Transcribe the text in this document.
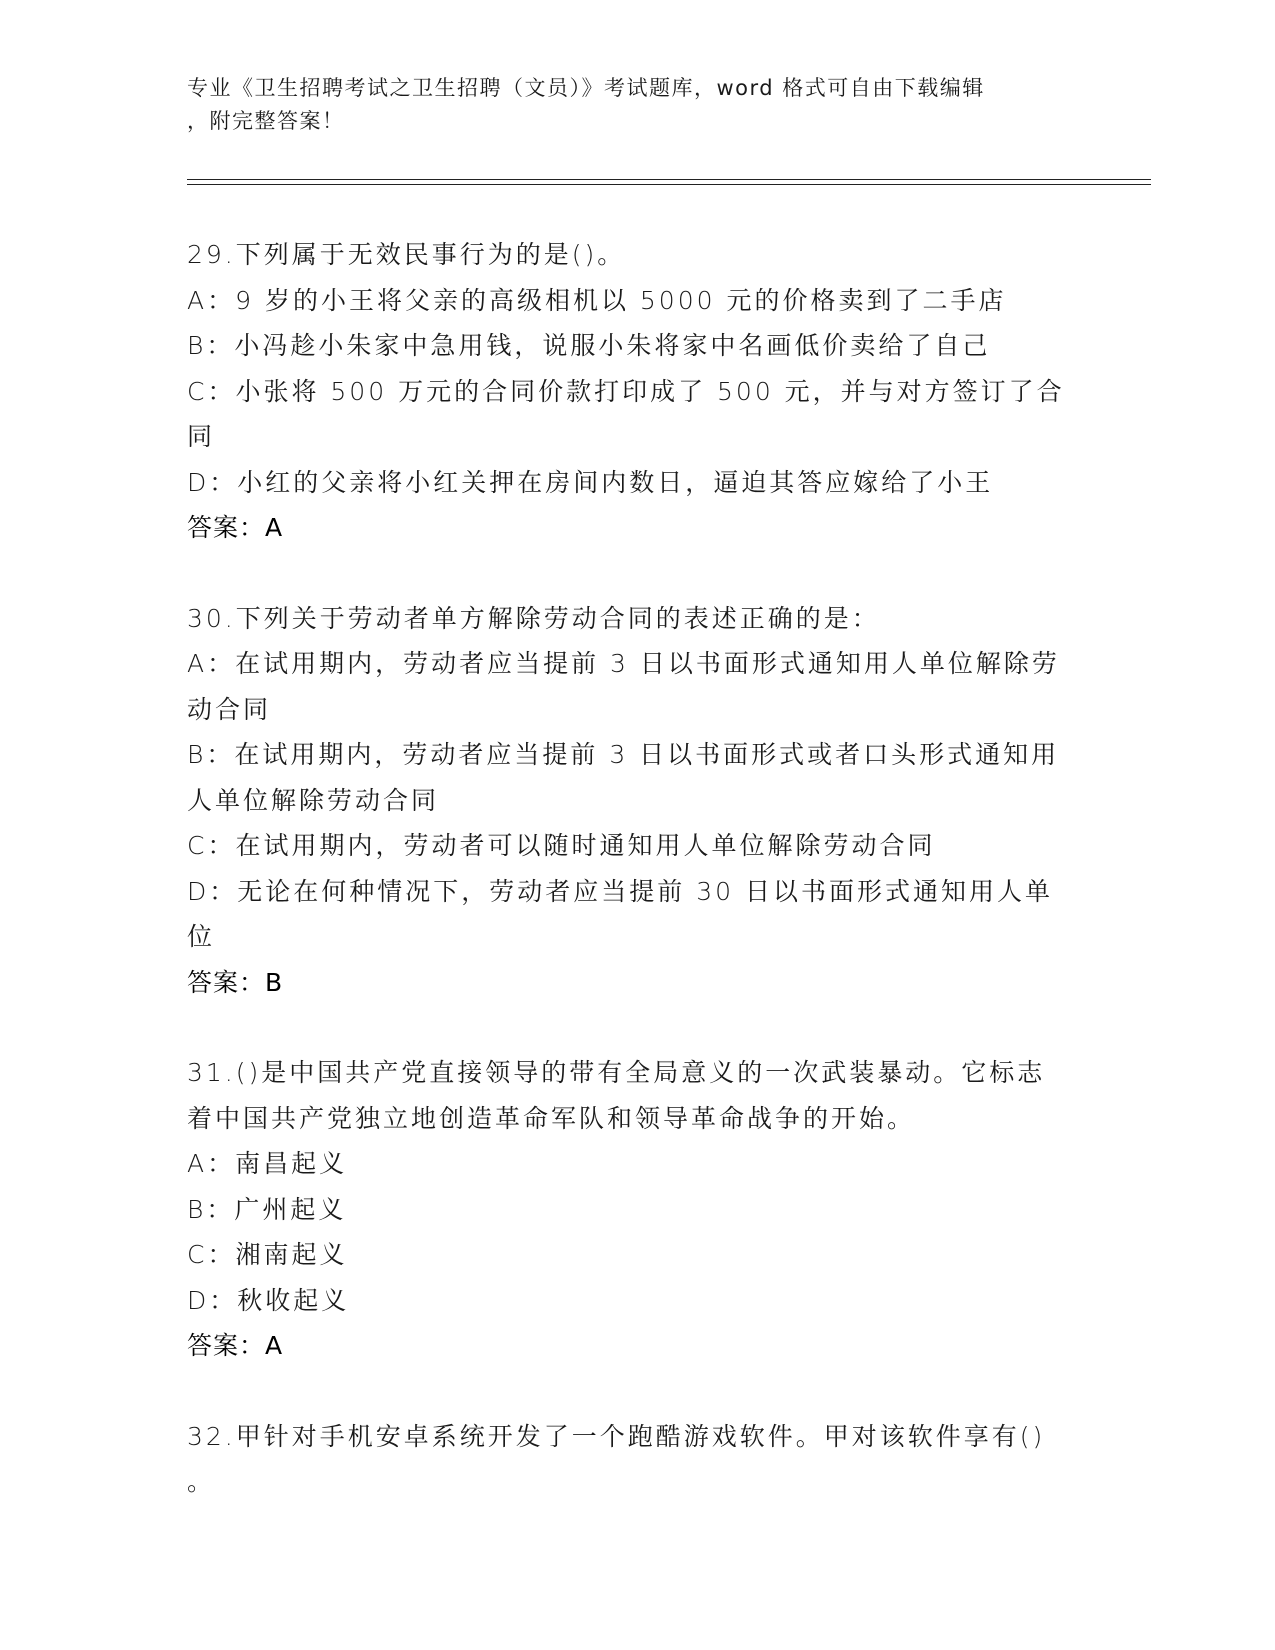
专业《卫生招聘考试之卫生招聘（文员）》考试题库，word 格式可自由下载编辑
，附完整答案！
29.下列属于无效民事行为的是()。
A：9 岁的小王将父亲的高级相机以 5000 元的价格卖到了二手店
B：小冯趁小朱家中急用钱，说服小朱将家中名画低价卖给了自己
C：小张将 500 万元的合同价款打印成了 500 元，并与对方签订了合同
D：小红的父亲将小红关押在房间内数日，逼迫其答应嫁给了小王
答案：A
30.下列关于劳动者单方解除劳动合同的表述正确的是：
A：在试用期内，劳动者应当提前 3 日以书面形式通知用人单位解除劳
动合同
B：在试用期内，劳动者应当提前 3 日以书面形式或者口头形式通知用
人单位解除劳动合同
C：在试用期内，劳动者可以随时通知用人单位解除劳动合同
D：无论在何种情况下，劳动者应当提前 30 日以书面形式通知用人单
位
答案：B
31.()是中国共产党直接领导的带有全局意义的一次武装暴动。它标志
着中国共产党独立地创造革命军队和领导革命战争的开始。
A：南昌起义
B：广州起义
C：湘南起义
D：秋收起义
答案：A
32.甲针对手机安卓系统开发了一个跑酷游戏软件。甲对该软件享有()
。
